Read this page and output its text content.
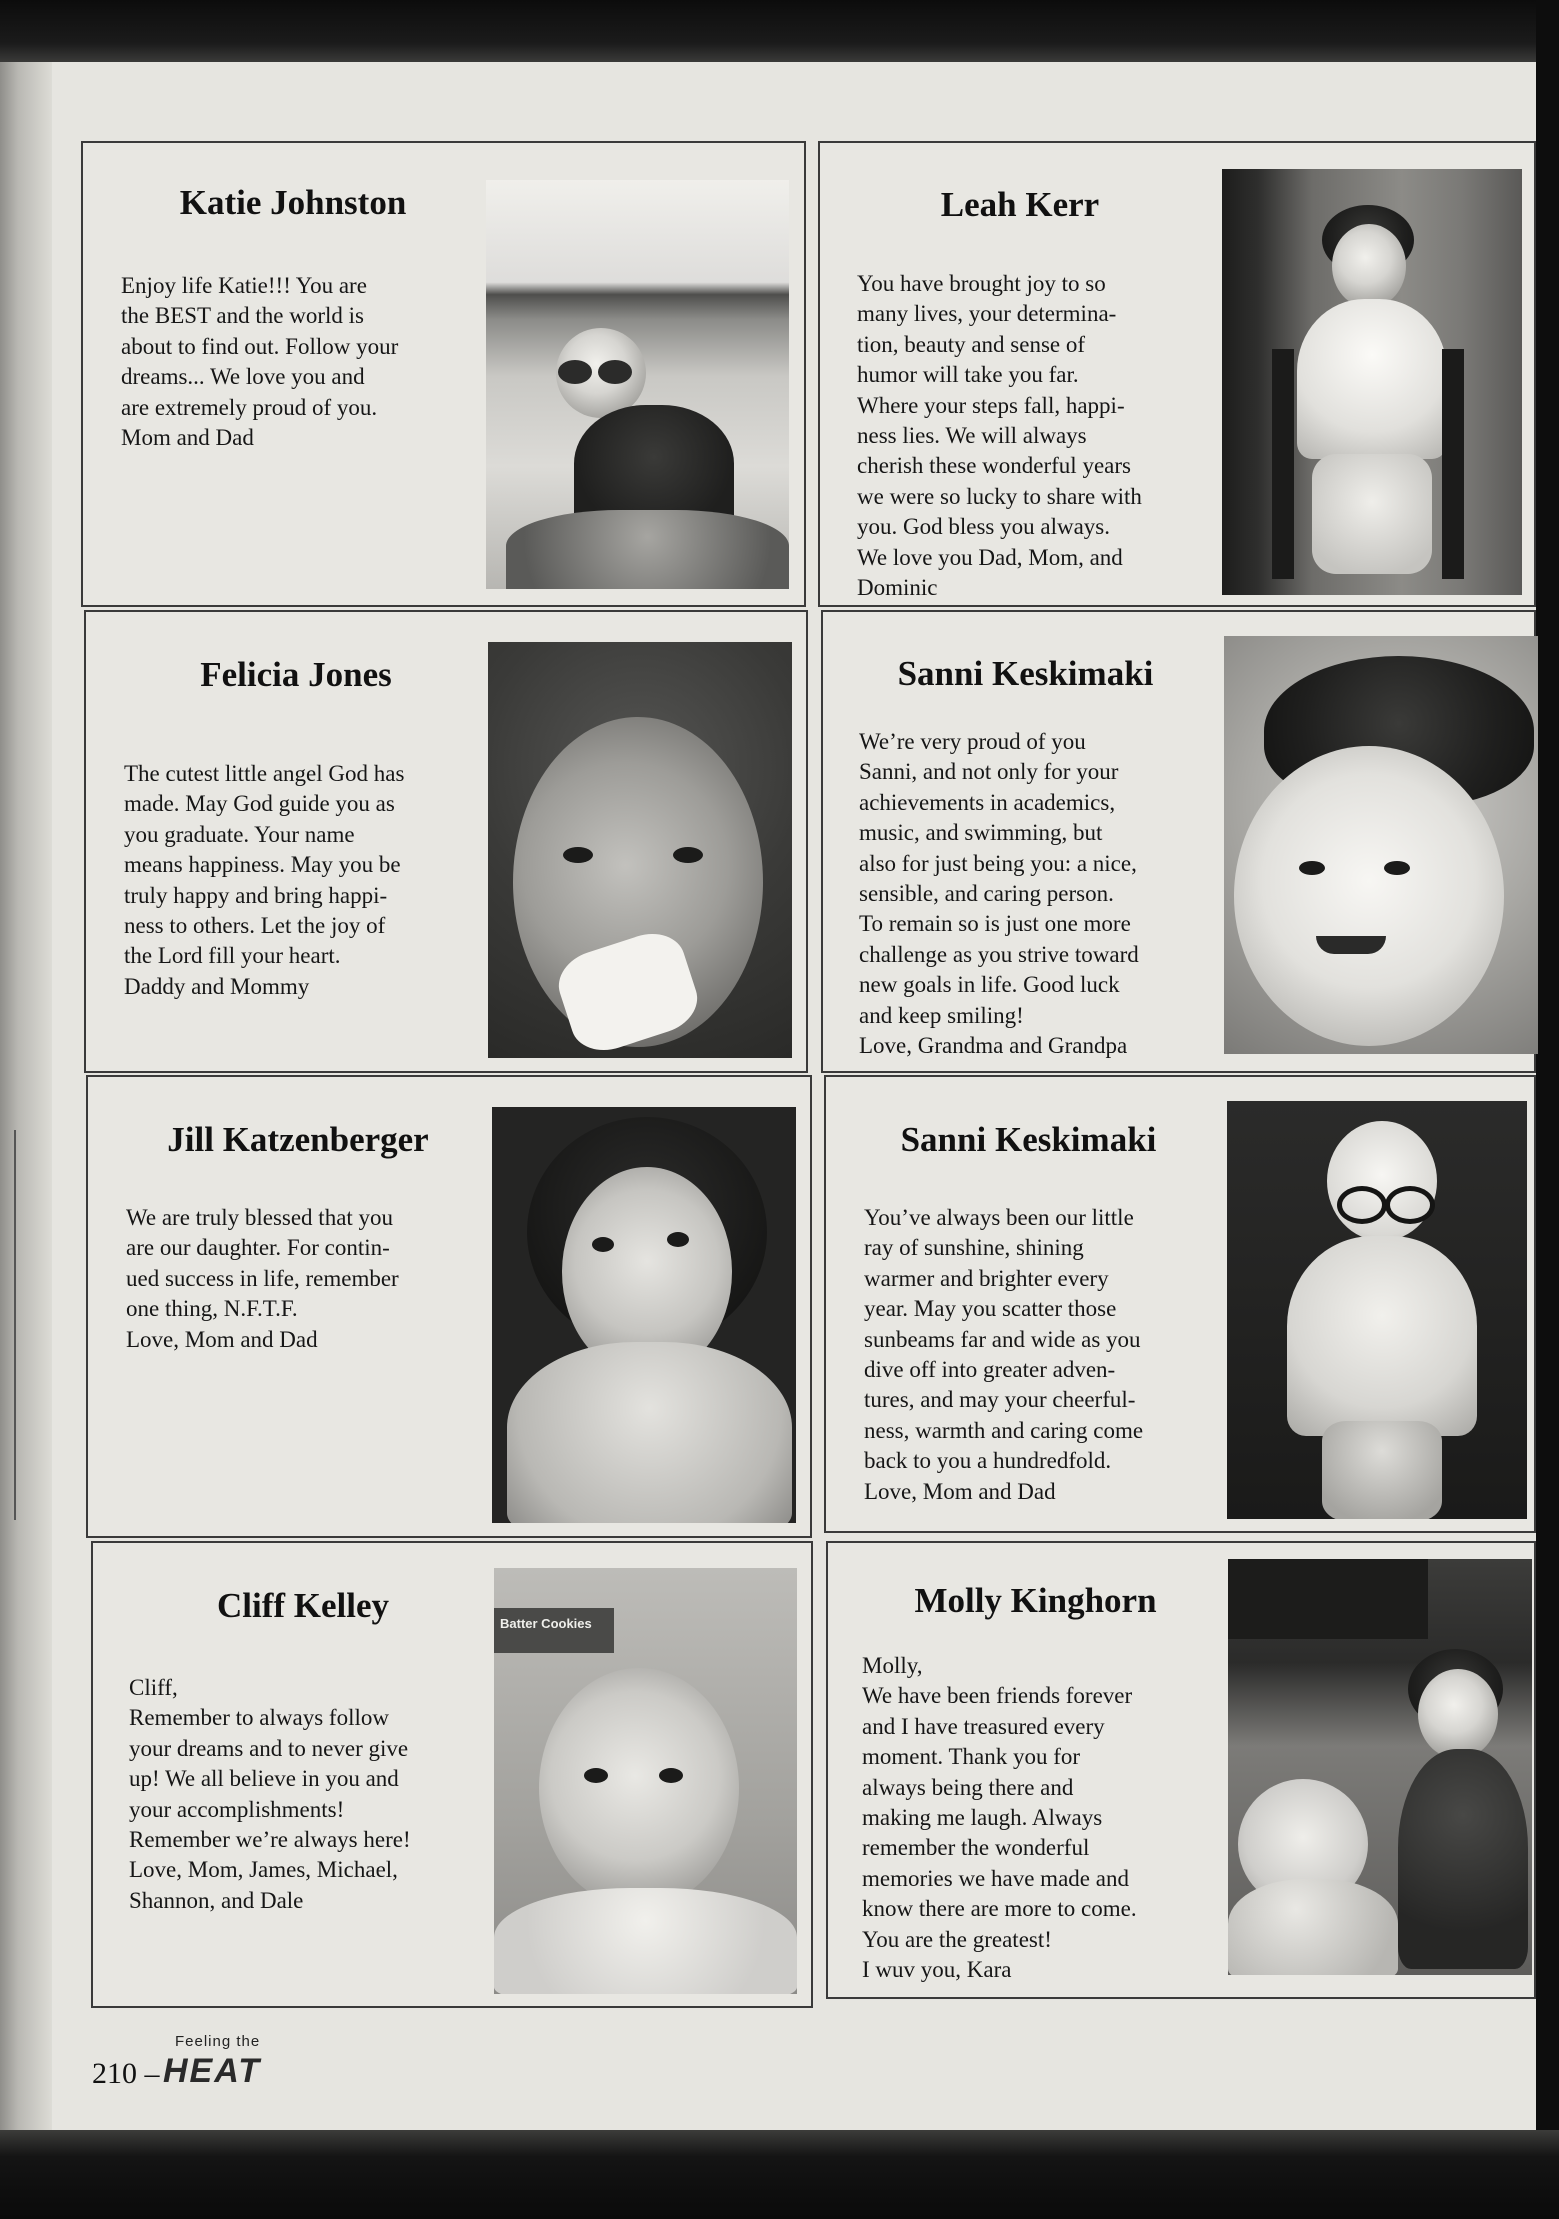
Katie Johnston

Enjoy life Katie!!! You are
the BEST and the world is
about to find out. Follow your
dreams... We love you and
are extremely proud of you.
Mom and Dad

Leah Kerr

You have brought joy to so
many lives, your determina-
tion, beauty and sense of
humor will take you far.
Where your steps fall, happi-
ness lies. We will always
cherish these wonderful years
we were so lucky to share with
you. God bless you always.
We love you Dad, Mom, and
Dominic

Felicia Jones

The cutest little angel God has
made. May God guide you as
you graduate. Your name
means happiness. May you be
truly happy and bring happi-
ness to others. Let the joy of
the Lord fill your heart.
Daddy and Mommy

Sanni Keskimaki

We’re very proud of you
Sanni, and not only for your
achievements in academics,
music, and swimming, but
also for just being you: a nice,
sensible, and caring person.
To remain so is just one more
challenge as you strive toward
new goals in life. Good luck
and keep smiling!
Love, Grandma and Grandpa

Jill Katzenberger

We are truly blessed that you
are our daughter. For contin-
ued success in life, remember
one thing, N.F.T.F.
Love, Mom and Dad

Sanni Keskimaki

You’ve always been our little
ray of sunshine, shining
warmer and brighter every
year. May you scatter those
sunbeams far and wide as you
dive off into greater adven-
tures, and may your cheerful-
ness, warmth and caring come
back to you a hundredfold.
Love, Mom and Dad

Cliff Kelley

Cliff,
Remember to always follow
your dreams and to never give
up! We all believe in you and
your accomplishments!
Remember we’re always here!
Love, Mom, James, Michael,
Shannon, and Dale

Batter Cookies
Molly Kinghorn

Molly,
We have been friends forever
and I have treasured every
moment. Thank you for
always being there and
making me laugh. Always
remember the wonderful
memories we have made and
know there are more to come.
You are the greatest!
I wuv you, Kara

Feeling the
210 – HEAT
